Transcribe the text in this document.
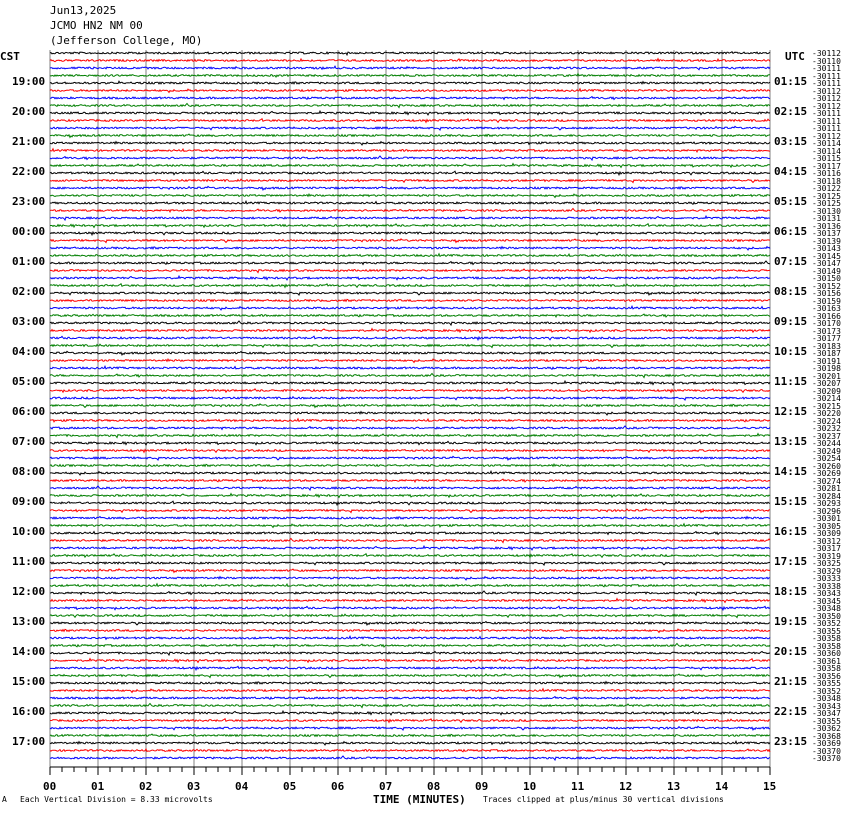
Jun13,2025
JCMO HN2 NM 00
(Jefferson College, MO)
CST	UTC
00	01	02	03	04	05	06	07	08	09	10	11	12	13	14	15
19:00
20:00
21:00
22:00
23:00
00:00
01:00
02:00
03:00
04:00
05:00
06:00
07:00
08:00
09:00
10:00
11:00
12:00
13:00
14:00
15:00
16:00
17:00
01:15
02:15
03:15
04:15
05:15
06:15
07:15
08:15
09:15
10:15
11:15
12:15
13:15
14:15
15:15
16:15
17:15
18:15
19:15
20:15
21:15
22:15
23:15
-30112
-30110
-30111
-30111
-30111
-30112
-30112
-30112
-30111
-30111
-30111
-30112
-30114
-30114
-30115
-30117
-30116
-30118
-30122
-30125
-30125
-30130
-30131
-30136
-30137
-30139
-30143
-30145
-30147
-30149
-30150
-30152
-30156
-30159
-30163
-30166
-30170
-30173
-30177
-30183
-30187
-30191
-30198
-30201
-30207
-30209
-30214
-30215
-30220
-30224
-30232
-30237
-30244
-30249
-30254
-30260
-30269
-30274
-30281
-30284
-30293
-30296
-30301
-30305
-30309
-30312
-30317
-30319
-30325
-30329
-30333
-30338
-30343
-30345
-30348
-30350
-30352
-30355
-30358
-30358
-30360
-30361
-30358
-30356
-30355
-30352
-30348
-30343
-30347
-30355
-30362
-30368
-30369
-30370
-30370
A Each Vertical Division = 8.33 microvolts	TIME (MINUTES) Traces clipped at plus/minus 30 vertical divisions
